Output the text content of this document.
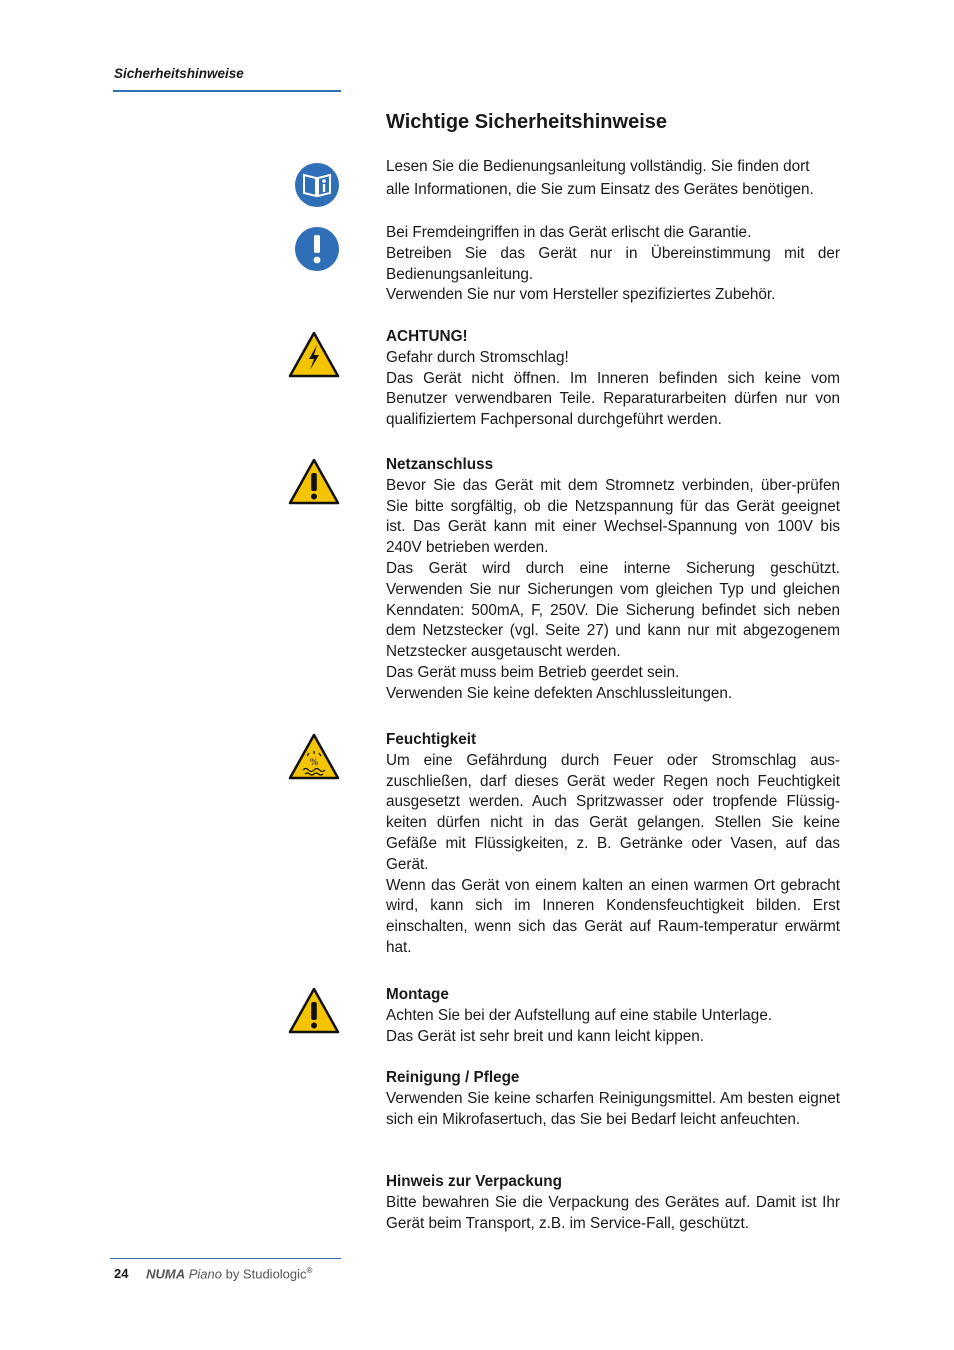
Sicherheitshinweise
Wichtige Sicherheitshinweise
%

Lesen Sie die Bedienungsanleitung vollständig. Sie finden dort

alle Informationen, die Sie zum Einsatz des Gerätes benötigen.

Bei Fremdeingriffen in das Gerät erlischt die Garantie.

Betreiben Sie das Gerät nur in Übereinstimmung mit der Bedienungsanleitung.

Verwenden Sie nur vom Hersteller spezifiziertes Zubehör.

ACHTUNG!

Gefahr durch Stromschlag!

Das Gerät nicht öffnen. Im Inneren befinden sich keine vom Benutzer verwendbaren Teile. Reparaturarbeiten dürfen nur von qualifiziertem Fachpersonal durchgeführt werden.

Netzanschluss

Bevor Sie das Gerät mit dem Stromnetz verbinden, über-prüfen Sie bitte sorgfältig, ob die Netzspannung für das Gerät geeignet ist. Das Gerät kann mit einer Wechsel-Spannung von 100V bis 240V betrieben werden.

Das Gerät wird durch eine interne Sicherung geschützt. Verwenden Sie nur Sicherungen vom gleichen Typ und gleichen Kenndaten: 500mA, F, 250V. Die Sicherung befindet sich neben dem Netzstecker (vgl. Seite 27) und kann nur mit abgezogenem Netzstecker ausgetauscht werden.

Das Gerät muss beim Betrieb geerdet sein.

Verwenden Sie keine defekten Anschlussleitungen.

Feuchtigkeit

Um eine Gefährdung durch Feuer oder Stromschlag aus-zuschließen, darf dieses Gerät weder Regen noch Feuchtigkeit ausgesetzt werden. Auch Spritzwasser oder tropfende Flüssig-keiten dürfen nicht in das Gerät gelangen. Stellen Sie keine Gefäße mit Flüssigkeiten, z. B. Getränke oder Vasen, auf das Gerät.

Wenn das Gerät von einem kalten an einen warmen Ort gebracht wird, kann sich im Inneren Kondensfeuchtigkeit bilden. Erst einschalten, wenn sich das Gerät auf Raum-temperatur erwärmt hat.

Montage

Achten Sie bei der Aufstellung auf eine stabile Unterlage.

Das Gerät ist sehr breit und kann leicht kippen.

Reinigung / Pflege

Verwenden Sie keine scharfen Reinigungsmittel. Am besten eignet sich ein Mikrofasertuch, das Sie bei Bedarf leicht anfeuchten.

Hinweis zur Verpackung

Bitte bewahren Sie die Verpackung des Gerätes auf. Damit ist Ihr Gerät beim Transport, z.B. im Service-Fall, geschützt.

24 NUMA Piano by Studiologic®
